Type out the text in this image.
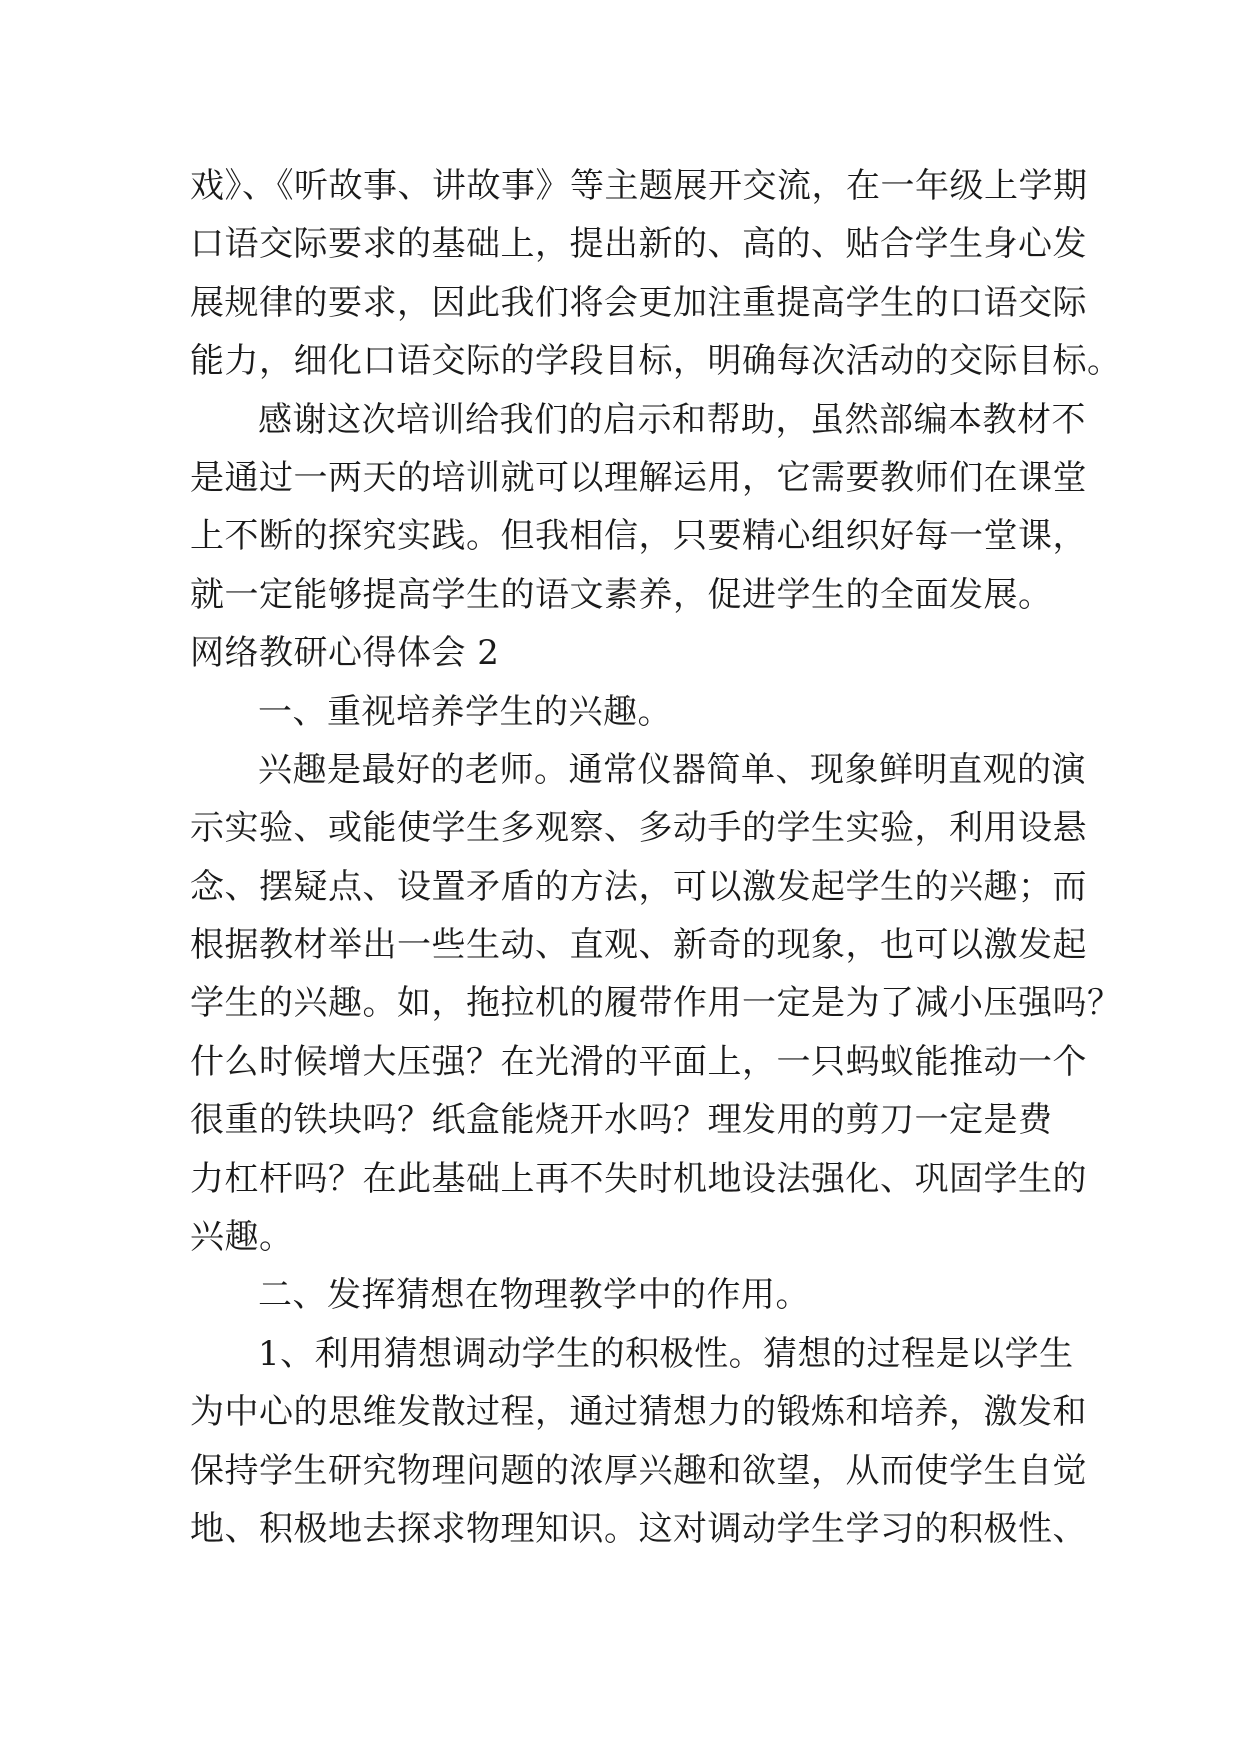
戏》、《听故事、讲故事》等主题展开交流，在一年级上学期
口语交际要求的基础上，提出新的、高的、贴合学生身心发
展规律的要求，因此我们将会更加注重提高学生的口语交际
能力，细化口语交际的学段目标，明确每次活动的交际目标。
感谢这次培训给我们的启示和帮助，虽然部编本教材不
是通过一两天的培训就可以理解运用，它需要教师们在课堂
上不断的探究实践。但我相信，只要精心组织好每一堂课，
就一定能够提高学生的语文素养，促进学生的全面发展。
网络教研心得体会 2
一、重视培养学生的兴趣。
兴趣是最好的老师。通常仪器简单、现象鲜明直观的演
示实验、或能使学生多观察、多动手的学生实验，利用设悬
念、摆疑点、设置矛盾的方法，可以激发起学生的兴趣；而
根据教材举出一些生动、直观、新奇的现象，也可以激发起
学生的兴趣。如，拖拉机的履带作用一定是为了减小压强吗？
什么时候增大压强？在光滑的平面上，一只蚂蚁能推动一个
很重的铁块吗？纸盒能烧开水吗？理发用的剪刀一定是费
力杠杆吗？在此基础上再不失时机地设法强化、巩固学生的
兴趣。
二、发挥猜想在物理教学中的作用。
1、利用猜想调动学生的积极性。猜想的过程是以学生
为中心的思维发散过程，通过猜想力的锻炼和培养，激发和
保持学生研究物理问题的浓厚兴趣和欲望，从而使学生自觉
地、积极地去探求物理知识。这对调动学生学习的积极性、
